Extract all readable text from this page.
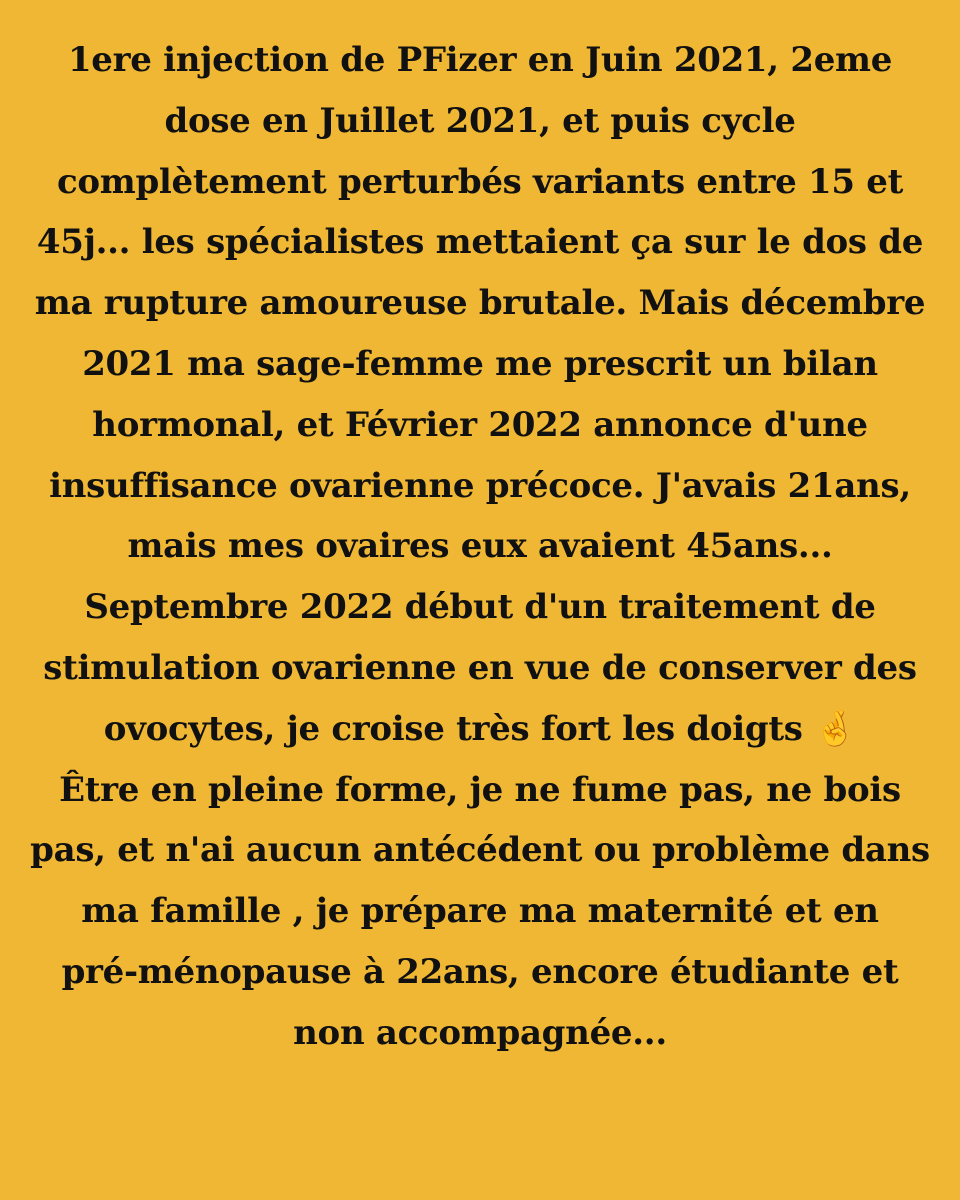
1ere injection de PFizer en Juin 2021, 2eme
dose en Juillet 2021, et puis cycle
complètement perturbés variants entre 15 et
45j... les spécialistes mettaient ça sur le dos de
ma rupture amoureuse brutale. Mais décembre
2021 ma sage-femme me prescrit un bilan
hormonal, et Février 2022 annonce d'une
insuffisance ovarienne précoce. J'avais 21ans,
mais mes ovaires eux avaient 45ans...
Septembre 2022 début d'un traitement de
stimulation ovarienne en vue de conserver des
ovocytes, je croise très fort les doigts 🤞
Être en pleine forme, je ne fume pas, ne bois
pas, et n'ai aucun antécédent ou problème dans
ma famille , je prépare ma maternité et en
pré-ménopause à 22ans, encore étudiante et
non accompagnée...
